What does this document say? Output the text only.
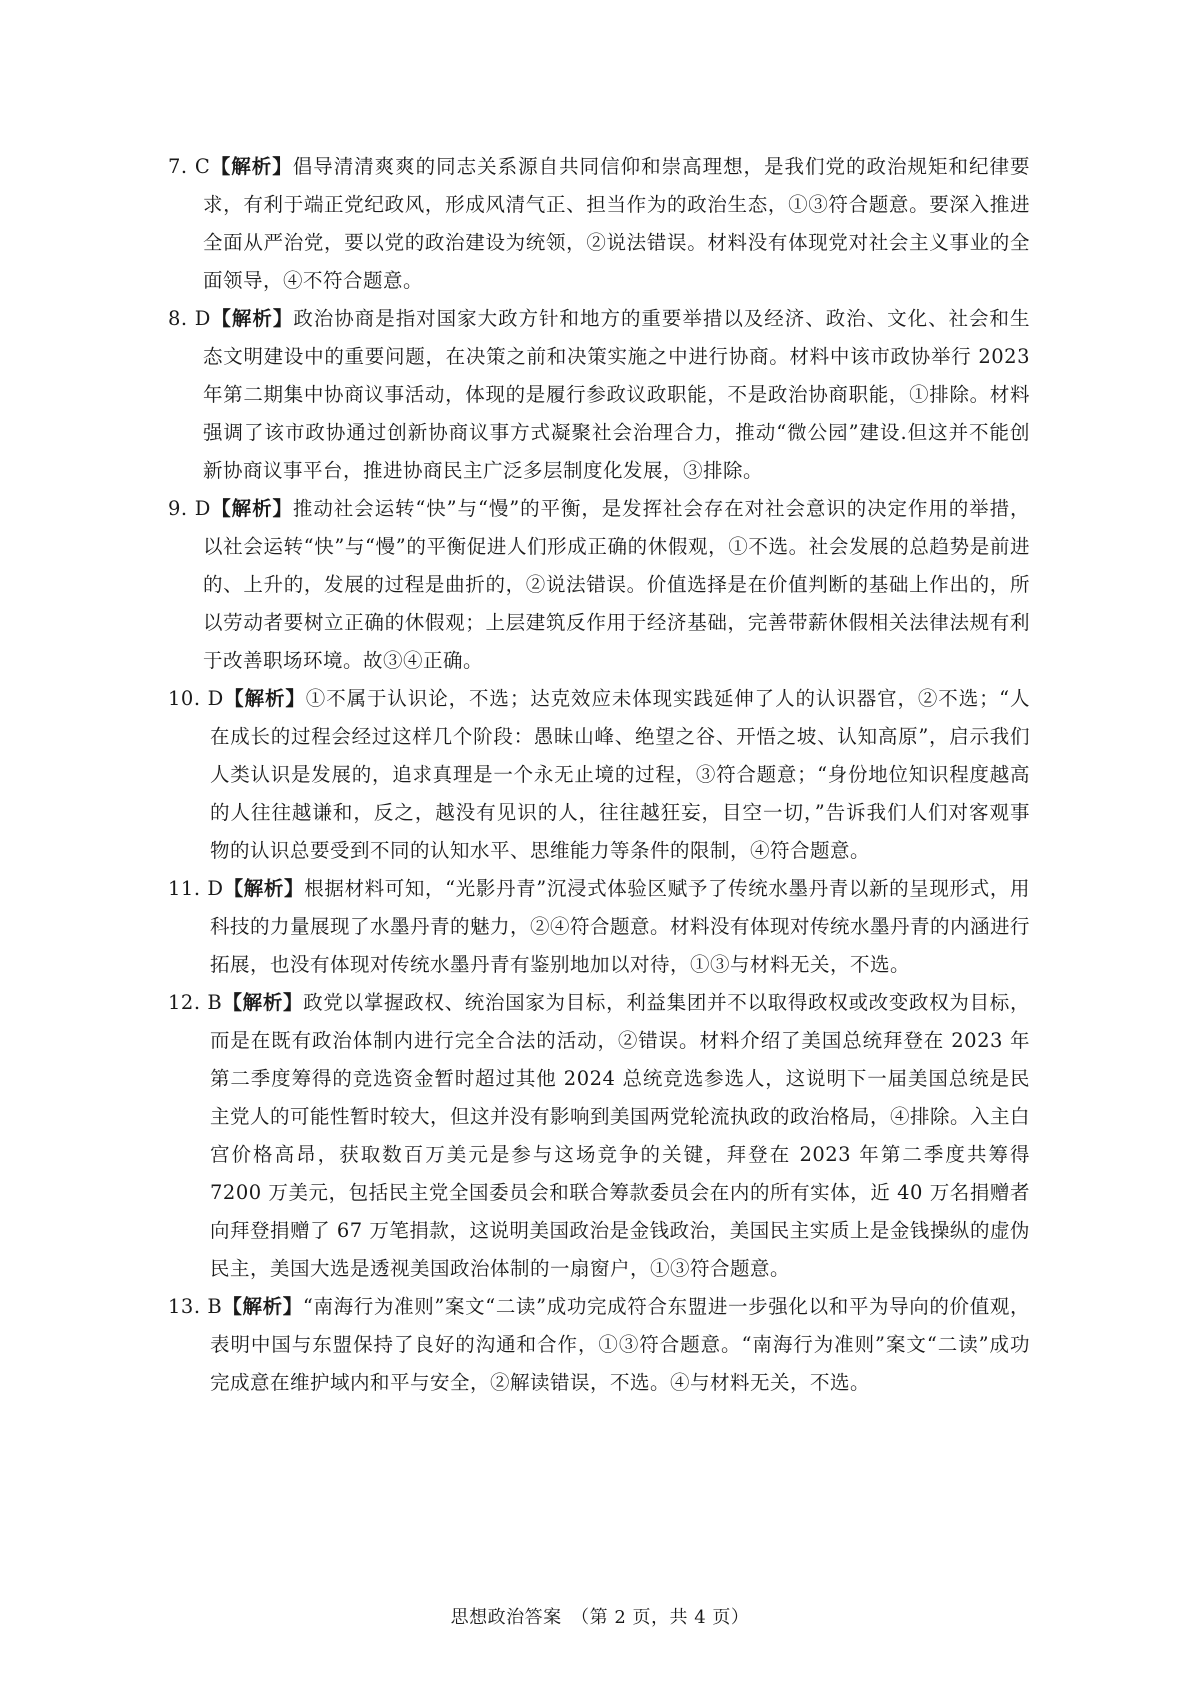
7. C【解析】倡导清清爽爽的同志关系源自共同信仰和崇高理想，是我们党的政治规矩和纪律要求，有利于端正党纪政风，形成风清气正、担当作为的政治生态，①③符合题意。要深入推进全面从严治党，要以党的政治建设为统领，②说法错误。材料没有体现党对社会主义事业的全面领导，④不符合题意。
8. D【解析】政治协商是指对国家大政方针和地方的重要举措以及经济、政治、文化、社会和生态文明建设中的重要问题，在决策之前和决策实施之中进行协商。材料中该市政协举行 2023 年第二期集中协商议事活动，体现的是履行参政议政职能，不是政治协商职能，①排除。材料强调了该市政协通过创新协商议事方式凝聚社会治理合力，推动“微公园”建设.但这并不能创新协商议事平台，推进协商民主广泛多层制度化发展，③排除。
9. D【解析】推动社会运转“快”与“慢”的平衡，是发挥社会存在对社会意识的决定作用的举措，以社会运转“快”与“慢”的平衡促进人们形成正确的休假观，①不选。社会发展的总趋势是前进的、上升的，发展的过程是曲折的，②说法错误。价值选择是在价值判断的基础上作出的，所以劳动者要树立正确的休假观；上层建筑反作用于经济基础，完善带薪休假相关法律法规有利于改善职场环境。故③④正确。
10. D【解析】①不属于认识论，不选；达克效应未体现实践延伸了人的认识器官，②不选；“人在成长的过程会经过这样几个阶段：愚昧山峰、绝望之谷、开悟之坡、认知高原”，启示我们人类认识是发展的，追求真理是一个永无止境的过程，③符合题意；“身份地位知识程度越高的人往往越谦和，反之，越没有见识的人，往往越狂妄，目空一切，”告诉我们人们对客观事物的认识总要受到不同的认知水平、思维能力等条件的限制，④符合题意。
11. D【解析】根据材料可知，“光影丹青”沉浸式体验区赋予了传统水墨丹青以新的呈现形式，用科技的力量展现了水墨丹青的魅力，②④符合题意。材料没有体现对传统水墨丹青的内涵进行拓展，也没有体现对传统水墨丹青有鉴别地加以对待，①③与材料无关，不选。
12. B【解析】政党以掌握政权、统治国家为目标，利益集团并不以取得政权或改变政权为目标，而是在既有政治体制内进行完全合法的活动，②错误。材料介绍了美国总统拜登在 2023 年第二季度筹得的竞选资金暂时超过其他 2024 总统竞选参选人，这说明下一届美国总统是民主党人的可能性暂时较大，但这并没有影响到美国两党轮流执政的政治格局，④排除。入主白宫价格高昂，获取数百万美元是参与这场竞争的关键，拜登在 2023 年第二季度共筹得 7200 万美元，包括民主党全国委员会和联合筹款委员会在内的所有实体，近 40 万名捐赠者向拜登捐赠了 67 万笔捐款，这说明美国政治是金钱政治，美国民主实质上是金钱操纵的虚伪民主，美国大选是透视美国政治体制的一扇窗户，①③符合题意。
13. B【解析】“南海行为准则”案文“二读”成功完成符合东盟进一步强化以和平为导向的价值观，表明中国与东盟保持了良好的沟通和合作，①③符合题意。“南海行为准则”案文“二读”成功完成意在维护域内和平与安全，②解读错误，不选。④与材料无关，不选。
思想政治答案　（第 2 页，共 4 页）
